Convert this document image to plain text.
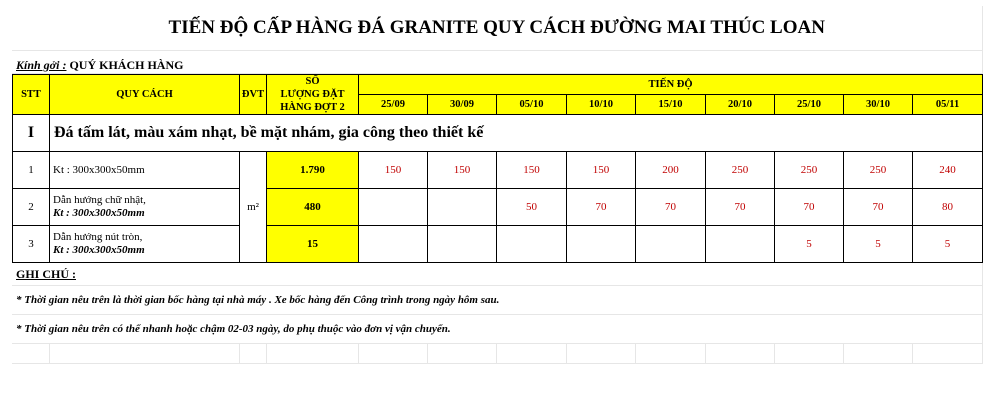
TIẾN ĐỘ CẤP HÀNG ĐÁ GRANITE QUY CÁCH ĐƯỜNG MAI THÚC LOAN
Kính gởi : QUÝ KHÁCH HÀNG
STT	QUY CÁCH	ĐVT	SỐ
LƯỢNG ĐẶT
HÀNG ĐỢT 2	TIẾN ĐỘ								
				25/09	30/09	05/10	10/10	15/10	20/10	25/10	30/10	05/11
I	Đá tấm lát, màu xám nhạt, bề mặt nhám, gia công theo thiết kế											
1	Kt : 300x300x50mm	m²	1.790	150	150	150	150	200	250	250	250	240
2	Dẫn hướng chữ nhật,
Kt : 300x300x50mm		480			50	70	70	70	70	70	80
3	Dẫn hướng nút tròn,
Kt : 300x300x50mm		15							5	5	5
GHI CHÚ :
* Thời gian nêu trên là thời gian bốc hàng tại nhà máy . Xe bốc hàng đến Công trình trong ngày hôm sau.
* Thời gian nêu trên có thể nhanh hoặc chậm 02-03 ngày, do phụ thuộc vào đơn vị vận chuyển.
